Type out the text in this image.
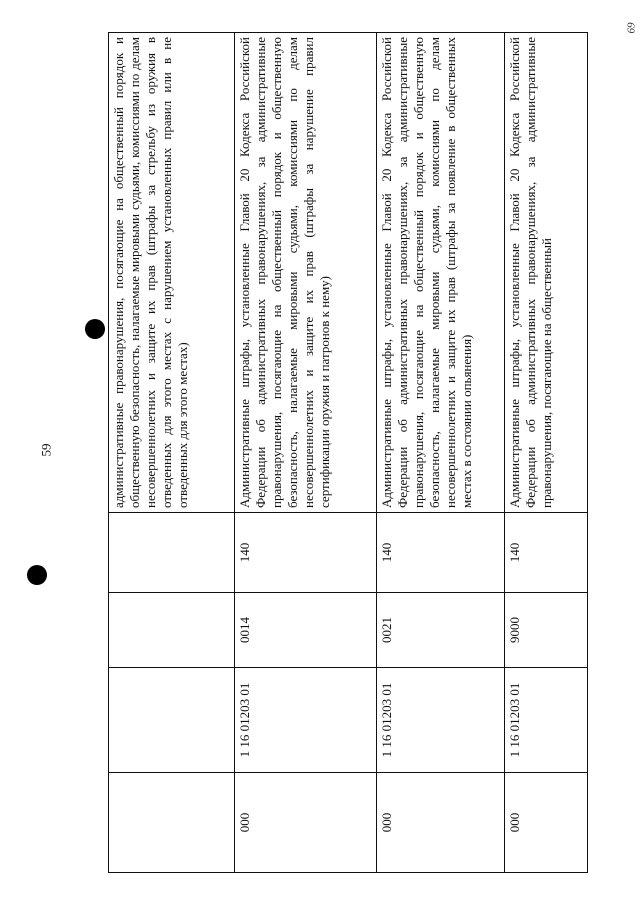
59
69
				административные правонарушения, посягающие на общественный порядок и общественную безопасность, налагаемые мировыми судьями, комиссиями по делам несовершеннолетних и защите их прав (штрафы за стрельбу из оружия в отведенных для этого местах с нарушением установленных правил или в не отведенных для этого местах)
000	1 16 01203 01	0014	140	Административные штрафы, установленные Главой 20 Кодекса Российской Федерации об административных правонарушениях, за административные правонарушения, посягающие на общественный порядок и общественную безопасность, налагаемые мировыми судьями, комиссиями по делам несовершеннолетних и защите их прав (штрафы за нарушение правил сертификации оружия и патронов к нему)
000	1 16 01203 01	0021	140	Административные штрафы, установленные Главой 20 Кодекса Российской Федерации об административных правонарушениях, за административные правонарушения, посягающие на общественный порядок и общественную безопасность, налагаемые мировыми судьями, комиссиями по делам несовершеннолетних и защите их прав (штрафы за появление в общественных местах в состоянии опьянения)
000	1 16 01203 01	9000	140	Административные штрафы, установленные Главой 20 Кодекса Российской Федерации об административных правонарушениях, за административные правонарушения, посягающие на общественный
